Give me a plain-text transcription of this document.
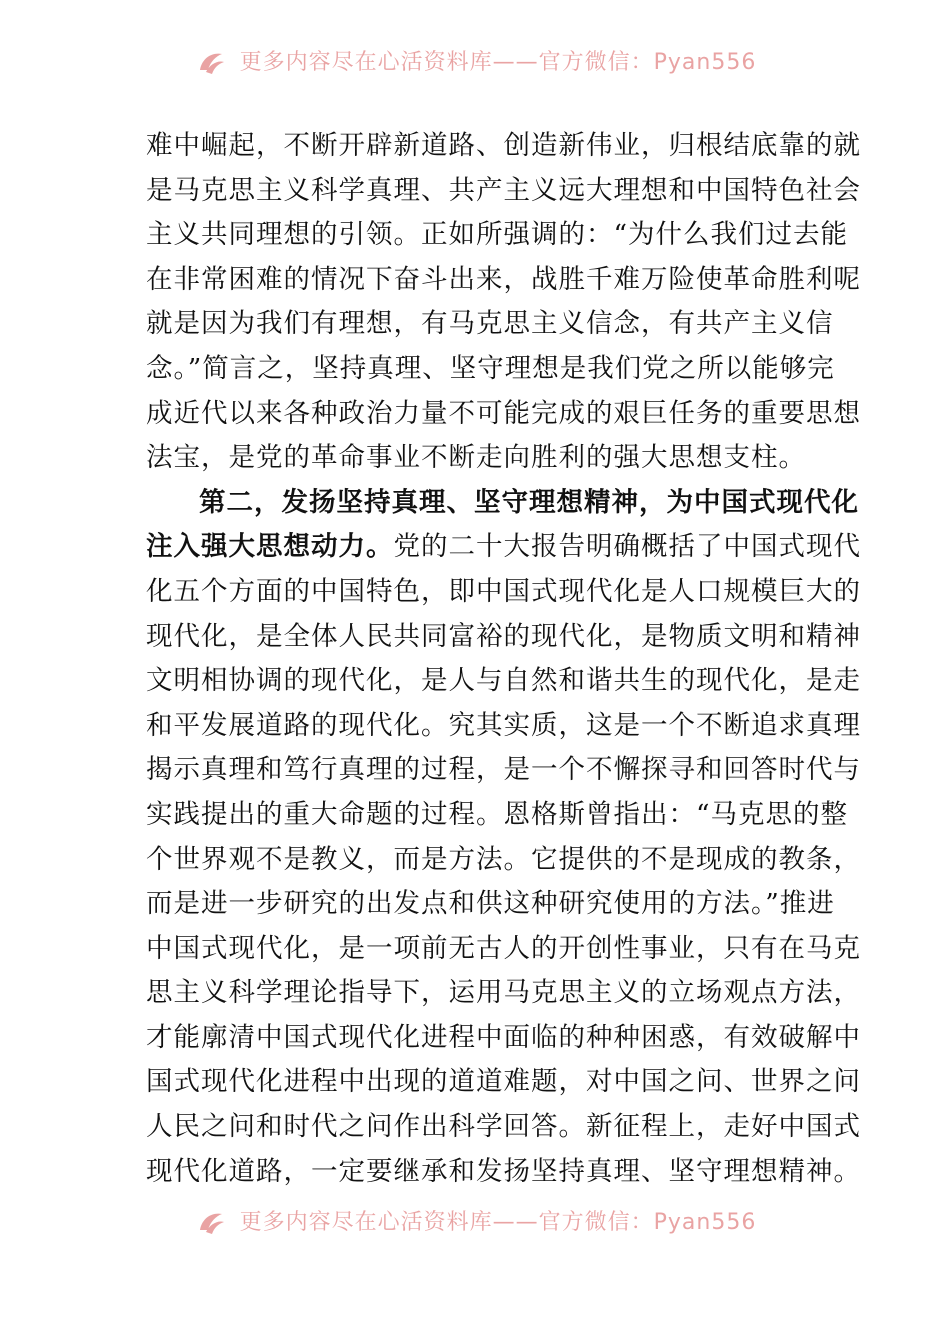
更多内容尽在心活资料库——官方微信：Pyan556
难中崛起，不断开辟新道路、创造新伟业，归根结底靠的就
是马克思主义科学真理、共产主义远大理想和中国特色社会
主义共同理想的引领。正如所强调的：“为什么我们过去能
在非常困难的情况下奋斗出来，战胜千难万险使革命胜利呢
就是因为我们有理想，有马克思主义信念，有共产主义信
念。”简言之，坚持真理、坚守理想是我们党之所以能够完
成近代以来各种政治力量不可能完成的艰巨任务的重要思想
法宝，是党的革命事业不断走向胜利的强大思想支柱。
第二，发扬坚持真理、坚守理想精神，为中国式现代化
注入强大思想动力。党的二十大报告明确概括了中国式现代
化五个方面的中国特色，即中国式现代化是人口规模巨大的
现代化，是全体人民共同富裕的现代化，是物质文明和精神
文明相协调的现代化，是人与自然和谐共生的现代化，是走
和平发展道路的现代化。究其实质，这是一个不断追求真理
揭示真理和笃行真理的过程，是一个不懈探寻和回答时代与
实践提出的重大命题的过程。恩格斯曾指出：“马克思的整
个世界观不是教义，而是方法。它提供的不是现成的教条，
而是进一步研究的出发点和供这种研究使用的方法。”推进
中国式现代化，是一项前无古人的开创性事业，只有在马克
思主义科学理论指导下，运用马克思主义的立场观点方法，
才能廓清中国式现代化进程中面临的种种困惑，有效破解中
国式现代化进程中出现的道道难题，对中国之问、世界之问
人民之问和时代之问作出科学回答。新征程上，走好中国式
现代化道路，一定要继承和发扬坚持真理、坚守理想精神。
更多内容尽在心活资料库——官方微信：Pyan556
